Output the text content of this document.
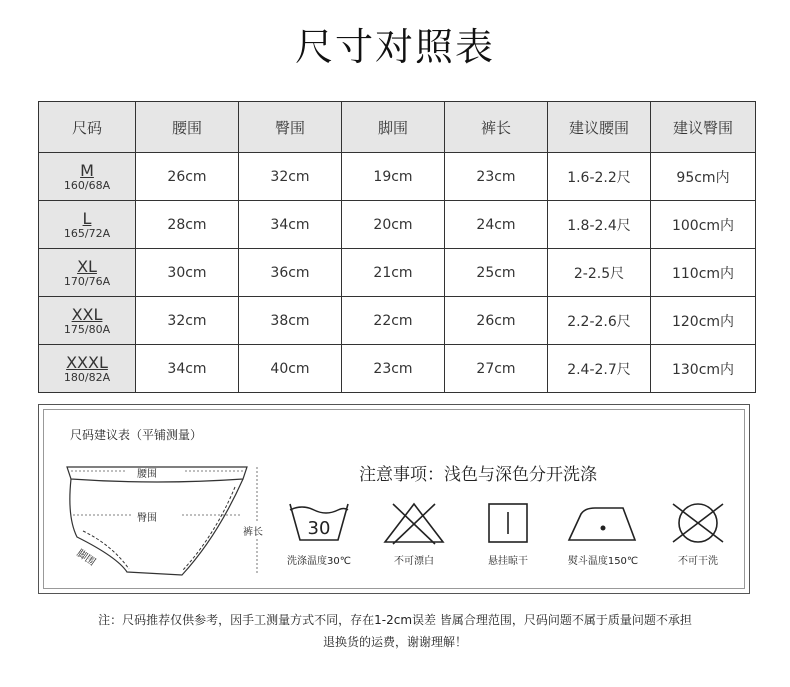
尺寸对照表
尺码	腰围	臀围	脚围	裤长	建议腰围	建议臀围

M
160/68A	26cm	32cm	19cm	23cm	1.6-2.2尺	95cm内

L
165/72A	28cm	34cm	20cm	24cm	1.8-2.4尺	100cm内

XL
170/76A	30cm	36cm	21cm	25cm	2-2.5尺	110cm内

XXL
175/80A	32cm	38cm	22cm	26cm	2.2-2.6尺	120cm内

XXXL
180/82A	34cm	40cm	23cm	27cm	2.4-2.7尺	130cm内
尺码建议表（平铺测量）
腰围
臀围
裤长
脚围
注意事项：浅色与深色分开洗涤
30
洗涤温度30℃	不可漂白	悬挂晾干	熨斗温度150℃	不可干洗
注：尺码推荐仅供参考，因手工测量方式不同，存在1-2cm误差 皆属合理范围，尺码问题不属于质量问题不承担
退换货的运费，谢谢理解！
